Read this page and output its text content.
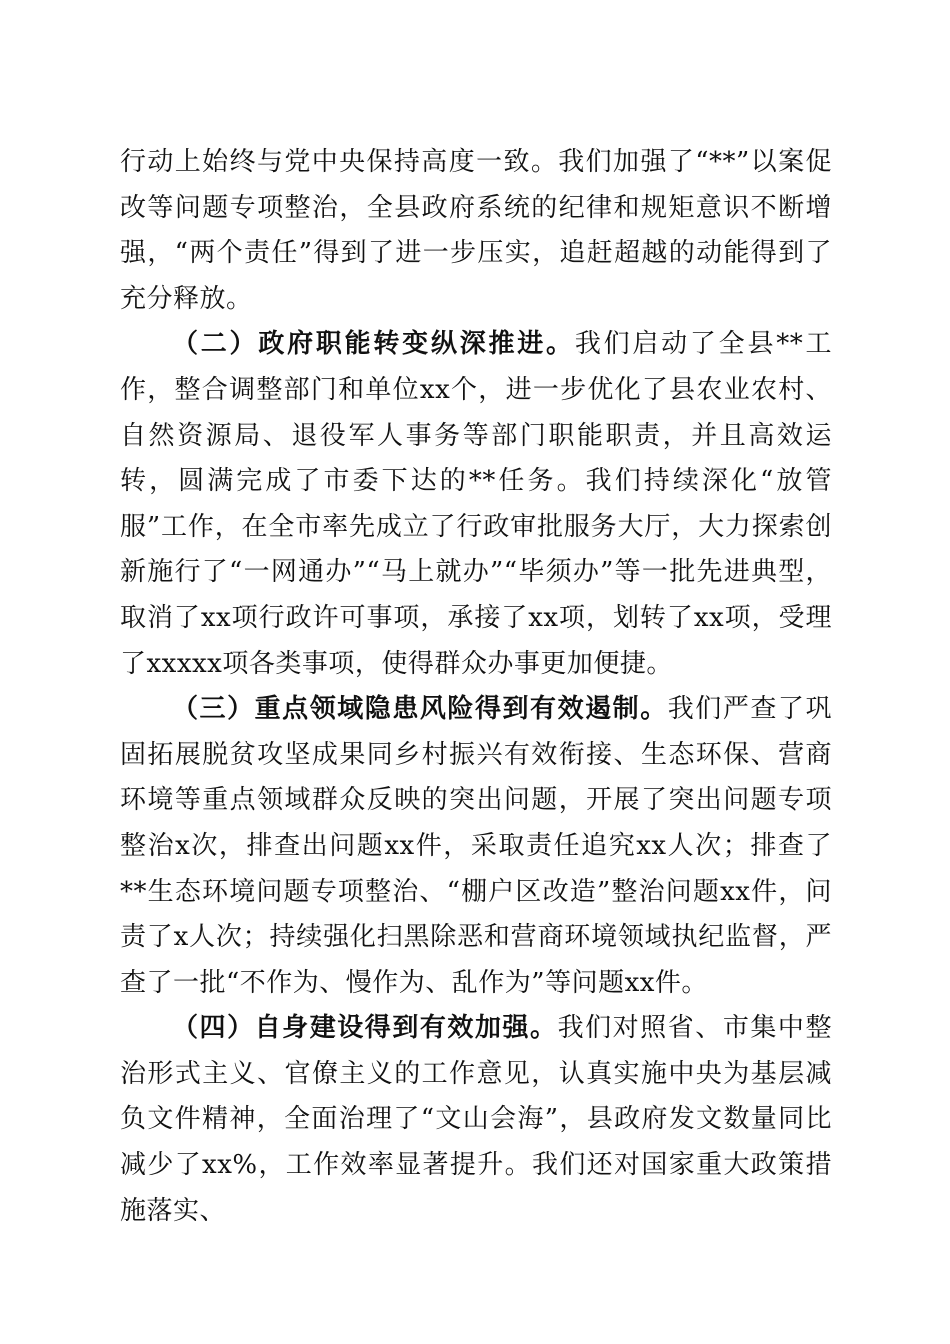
行动上始终与党中央保持高度一致。我们加强了“**”以案促改等问题专项整治，全县政府系统的纪律和规矩意识不断增强，“两个责任”得到了进一步压实，追赶超越的动能得到了充分释放。

（二）政府职能转变纵深推进。我们启动了全县**工作，整合调整部门和单位xx个，进一步优化了县农业农村、自然资源局、退役军人事务等部门职能职责，并且高效运转，圆满完成了市委下达的**任务。我们持续深化“放管服”工作，在全市率先成立了行政审批服务大厅，大力探索创新施行了“一网通办”“马上就办”“毕须办”等一批先进典型，取消了xx项行政许可事项，承接了xx项，划转了xx项，受理了xxxxx项各类事项，使得群众办事更加便捷。

（三）重点领域隐患风险得到有效遏制。我们严查了巩固拓展脱贫攻坚成果同乡村振兴有效衔接、生态环保、营商环境等重点领域群众反映的突出问题，开展了突出问题专项整治x次，排查出问题xx件，采取责任追究xx人次；排查了**生态环境问题专项整治、“棚户区改造”整治问题xx件，问责了x人次；持续强化扫黑除恶和营商环境领域执纪监督，严查了一批“不作为、慢作为、乱作为”等问题xx件。

（四）自身建设得到有效加强。我们对照省、市集中整治形式主义、官僚主义的工作意见，认真实施中央为基层减负文件精神，全面治理了“文山会海”，县政府发文数量同比减少了xx%，工作效率显著提升。我们还对国家重大政策措施落实、
